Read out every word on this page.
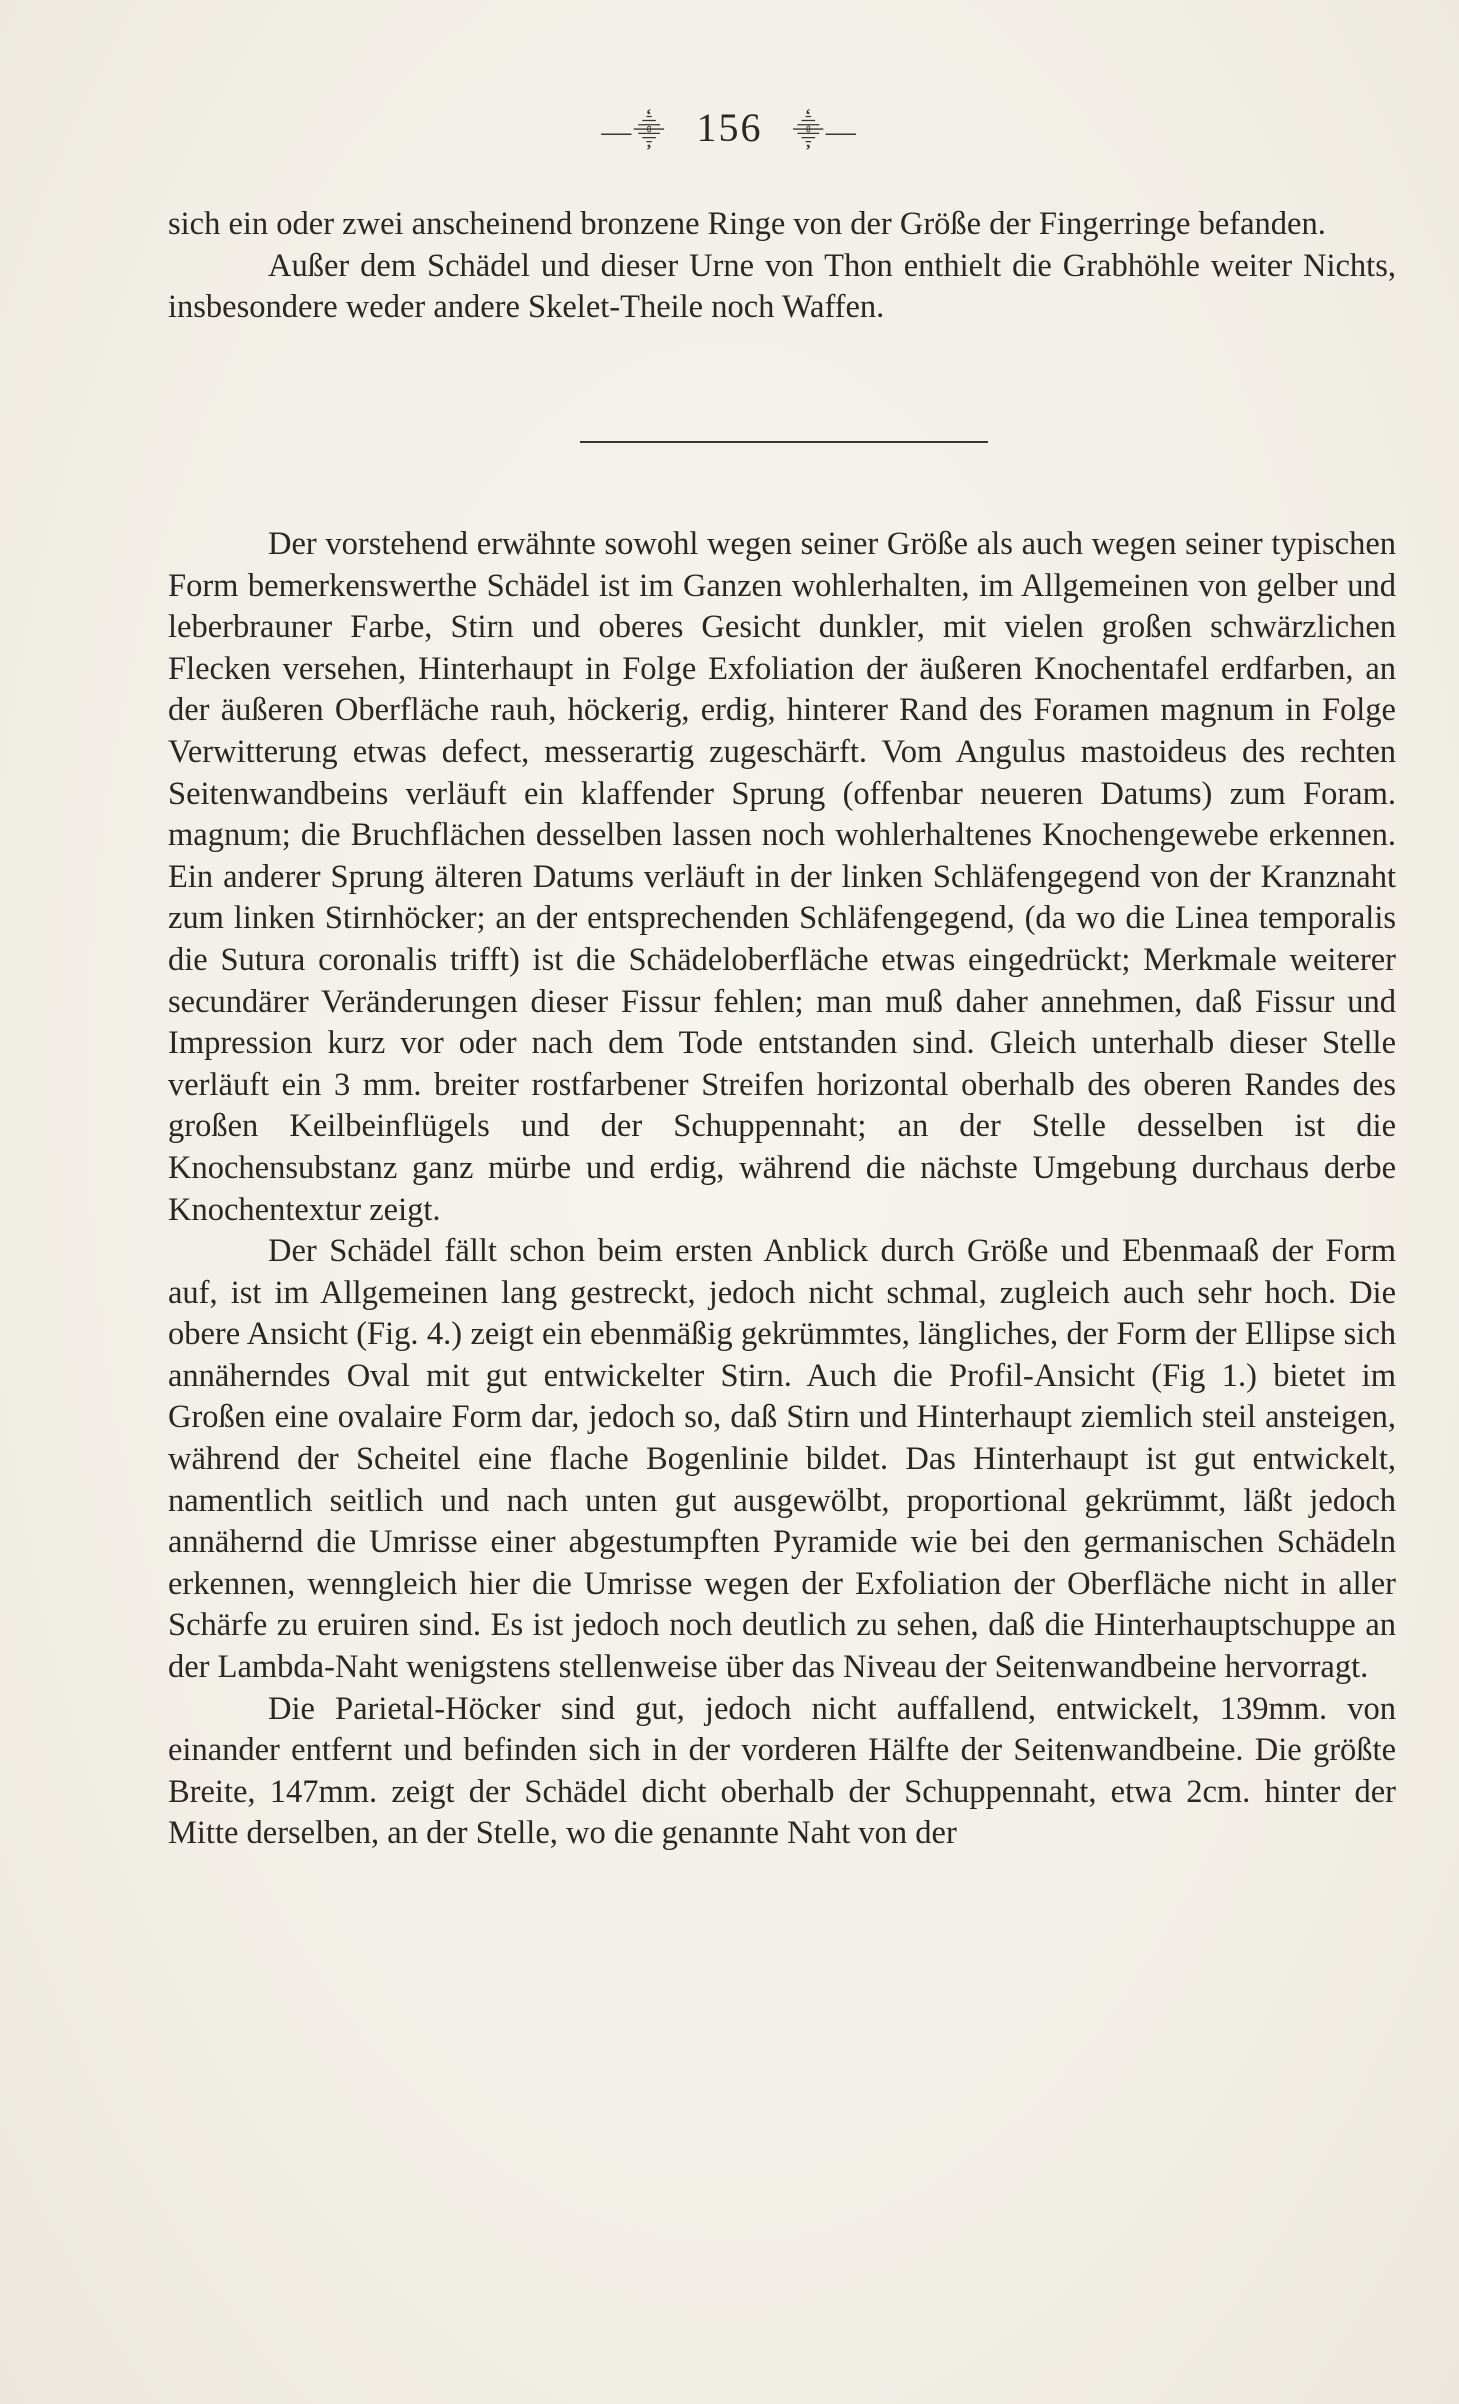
—⸎ 156 ⸎—

sich ein oder zwei anscheinend bronzene Ringe von der Größe der Fingerringe befanden.

Außer dem Schädel und dieser Urne von Thon enthielt die Grabhöhle weiter Nichts, insbesondere weder andere Skelet-Theile noch Waffen.

Der vorstehend erwähnte sowohl wegen seiner Größe als auch wegen seiner typischen Form bemerkenswerthe Schädel ist im Ganzen wohlerhalten, im Allgemeinen von gelber und leberbrauner Farbe, Stirn und oberes Gesicht dunkler, mit vielen großen schwärzlichen Flecken versehen, Hinterhaupt in Folge Exfoliation der äußeren Knochentafel erdfarben, an der äußeren Oberfläche rauh, höckerig, erdig, hinterer Rand des Foramen magnum in Folge Verwitterung etwas defect, messerartig zugeschärft. Vom Angulus mastoideus des rechten Seitenwandbeins verläuft ein klaffender Sprung (offenbar neueren Datums) zum Foram. magnum; die Bruchflächen desselben lassen noch wohlerhaltenes Knochengewebe erkennen. Ein anderer Sprung älteren Datums verläuft in der linken Schläfengegend von der Kranznaht zum linken Stirnhöcker; an der entsprechenden Schläfengegend, (da wo die Linea temporalis die Sutura coronalis trifft) ist die Schädeloberfläche etwas eingedrückt; Merkmale weiterer secundärer Veränderungen dieser Fissur fehlen; man muß daher annehmen, daß Fissur und Impression kurz vor oder nach dem Tode entstanden sind. Gleich unterhalb dieser Stelle verläuft ein 3 mm. breiter rostfarbener Streifen horizontal oberhalb des oberen Randes des großen Keilbeinflügels und der Schuppennaht; an der Stelle desselben ist die Knochensubstanz ganz mürbe und erdig, während die nächste Umgebung durchaus derbe Knochentextur zeigt.

Der Schädel fällt schon beim ersten Anblick durch Größe und Ebenmaaß der Form auf, ist im Allgemeinen lang gestreckt, jedoch nicht schmal, zugleich auch sehr hoch. Die obere Ansicht (Fig. 4.) zeigt ein ebenmäßig gekrümmtes, längliches, der Form der Ellipse sich annäherndes Oval mit gut entwickelter Stirn. Auch die Profil-Ansicht (Fig 1.) bietet im Großen eine ovalaire Form dar, jedoch so, daß Stirn und Hinterhaupt ziemlich steil ansteigen, während der Scheitel eine flache Bogenlinie bildet. Das Hinterhaupt ist gut entwickelt, namentlich seitlich und nach unten gut ausgewölbt, proportional gekrümmt, läßt jedoch annähernd die Umrisse einer abgestumpften Pyramide wie bei den germanischen Schädeln erkennen, wenngleich hier die Umrisse wegen der Exfoliation der Oberfläche nicht in aller Schärfe zu eruiren sind. Es ist jedoch noch deutlich zu sehen, daß die Hinterhauptschuppe an der Lambda-Naht wenigstens stellenweise über das Niveau der Seitenwandbeine hervorragt.

Die Parietal-Höcker sind gut, jedoch nicht auffallend, entwickelt, 139mm. von einander entfernt und befinden sich in der vorderen Hälfte der Seitenwandbeine. Die größte Breite, 147mm. zeigt der Schädel dicht oberhalb der Schuppennaht, etwa 2cm. hinter der Mitte derselben, an der Stelle, wo die genannte Naht von der
